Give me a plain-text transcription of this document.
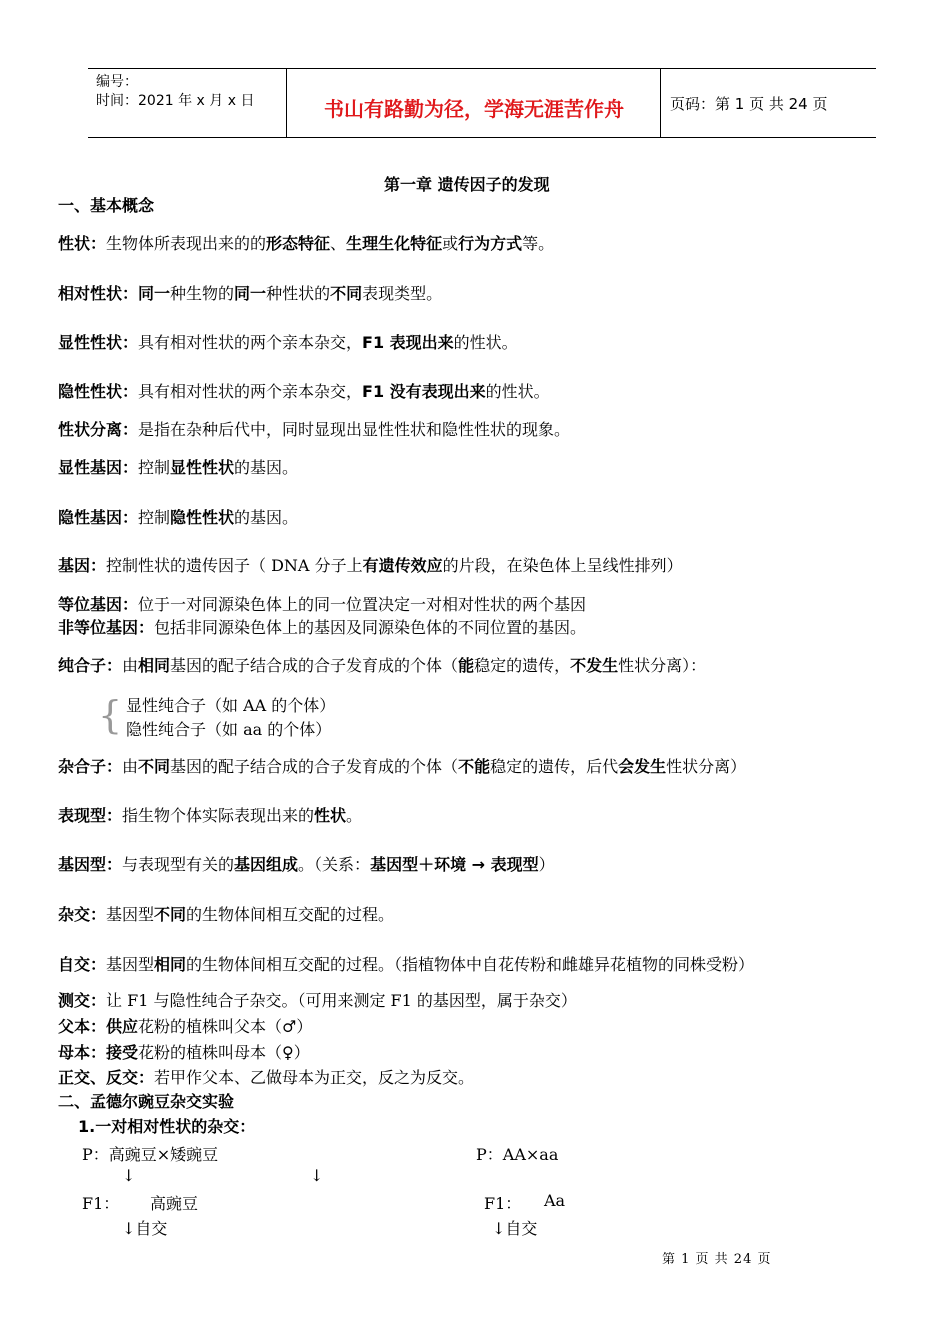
编号：
时间：2021 年 x 月 x 日	书山有路勤为径，学海无涯苦作舟	页码：第 1 页 共 24 页
第一章 遗传因子的发现
一、基本概念
性状：生物体所表现出来的的形态特征、生理生化特征或行为方式等。
相对性状：同一种生物的同一种性状的不同表现类型。
显性性状：具有相对性状的两个亲本杂交，F1 表现出来的性状。
隐性性状：具有相对性状的两个亲本杂交，F1 没有表现出来的性状。
性状分离：是指在杂种后代中，同时显现出显性性状和隐性性状的现象。
显性基因：控制显性性状的基因。
隐性基因：控制隐性性状的基因。
基因：控制性状的遗传因子（ DNA 分子上有遗传效应的片段，在染色体上呈线性排列）
等位基因：位于一对同源染色体上的同一位置决定一对相对性状的两个基因
非等位基因：包括非同源染色体上的基因及同源染色体的不同位置的基因。
纯合子：由相同基因的配子结合成的合子发育成的个体（能稳定的遗传，不发生性状分离）：
{ 显性纯合子（如 AA 的个体）
隐性纯合子（如 aa 的个体）
杂合子：由不同基因的配子结合成的合子发育成的个体（不能稳定的遗传，后代会发生性状分离）
表现型：指生物个体实际表现出来的性状。
基因型：与表现型有关的基因组成。（关系：基因型＋环境 → 表现型）
杂交：基因型不同的生物体间相互交配的过程。
自交：基因型相同的生物体间相互交配的过程。（指植物体中自花传粉和雌雄异花植物的同株受粉）
测交：让 F1 与隐性纯合子杂交。（可用来测定 F1 的基因型，属于杂交）
父本：供应花粉的植株叫父本（♂）
母本：接受花粉的植株叫母本（♀）
正交、反交：若甲作父本、乙做母本为正交，反之为反交。
二、孟德尔豌豆杂交实验
1.一对相对性状的杂交：
P：高豌豆×矮豌豆	P：AA×aa
↓	↓
F1： 高豌豆	F1： Aa
↓自交	↓自交
第 1 页 共 24 页
